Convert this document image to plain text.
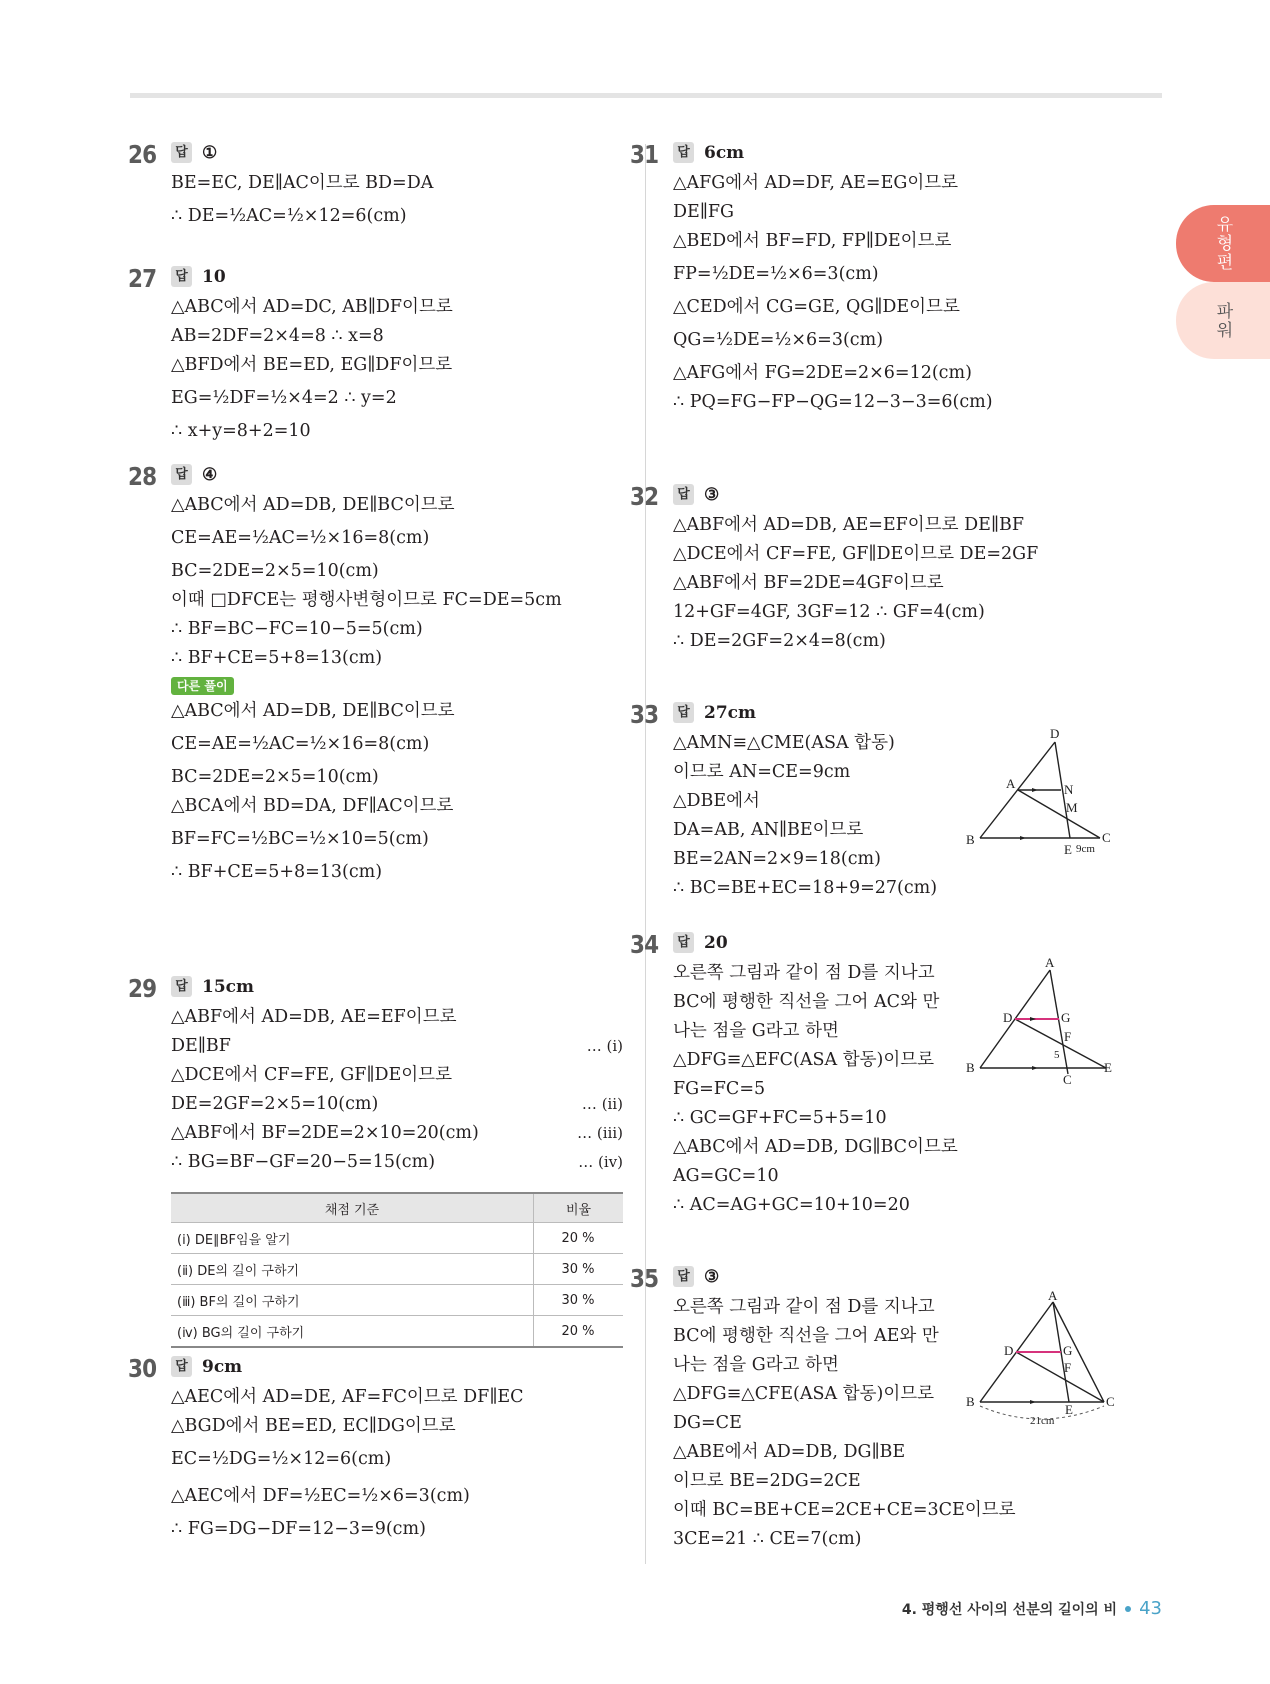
26	답 ①
BE=EC, DE∥AC이므로 BD=DA
∴ DE=½AC=½×12=6(cm)
27	답 10
△ABC에서 AD=DC, AB∥DF이므로
AB=2DF=2×4=8 ∴ x=8
△BFD에서 BE=ED, EG∥DF이므로
EG=½DF=½×4=2 ∴ y=2
∴ x+y=8+2=10
28	답 ④
△ABC에서 AD=DB, DE∥BC이므로
CE=AE=½AC=½×16=8(cm)
BC=2DE=2×5=10(cm)
이때 □DFCE는 평행사변형이므로 FC=DE=5cm
∴ BF=BC−FC=10−5=5(cm)
∴ BF+CE=5+8=13(cm)
다른 풀이
△ABC에서 AD=DB, DE∥BC이므로
CE=AE=½AC=½×16=8(cm)
BC=2DE=2×5=10(cm)
△BCA에서 BD=DA, DF∥AC이므로
BF=FC=½BC=½×10=5(cm)
∴ BF+CE=5+8=13(cm)
29	답 15cm
△ABF에서 AD=DB, AE=EF이므로
DE∥BF	… (ⅰ)
△DCE에서 CF=FE, GF∥DE이므로
DE=2GF=2×5=10(cm)	… (ⅱ)
△ABF에서 BF=2DE=2×10=20(cm)	… (ⅲ)
∴ BG=BF−GF=20−5=15(cm)	… (ⅳ)
채점 기준	비율
(ⅰ) DE∥BF임을 알기	20 %
(ⅱ) DE의 길이 구하기	30 %
(ⅲ) BF의 길이 구하기	30 %
(ⅳ) BG의 길이 구하기	20 %
30	답 9cm
△AEC에서 AD=DE, AF=FC이므로 DF∥EC
△BGD에서 BE=ED, EC∥DG이므로
EC=½DG=½×12=6(cm)
△AEC에서 DF=½EC=½×6=3(cm)
∴ FG=DG−DF=12−3=9(cm)
31	답 6cm
△AFG에서 AD=DF, AE=EG이므로
DE∥FG
△BED에서 BF=FD, FP∥DE이므로
FP=½DE=½×6=3(cm)
△CED에서 CG=GE, QG∥DE이므로
QG=½DE=½×6=3(cm)
△AFG에서 FG=2DE=2×6=12(cm)
∴ PQ=FG−FP−QG=12−3−3=6(cm)
32	답 ③
△ABF에서 AD=DB, AE=EF이므로 DE∥BF
△DCE에서 CF=FE, GF∥DE이므로 DE=2GF
△ABF에서 BF=2DE=4GF이므로
12+GF=4GF, 3GF=12 ∴ GF=4(cm)
∴ DE=2GF=2×4=8(cm)
33	답 27cm
△AMN≡△CME(ASA 합동)
이므로 AN=CE=9cm
△DBE에서
DA=AB, AN∥BE이므로
BE=2AN=2×9=18(cm)
∴ BC=BE+EC=18+9=27(cm)
D
A	N
M
B
E
C
9cm
34	답 20
오른쪽 그림과 같이 점 D를 지나고
BC에 평행한 직선을 그어 AC와 만
나는 점을 G라고 하면
△DFG≡△EFC(ASA 합동)이므로
FG=FC=5
∴ GC=GF+FC=5+5=10
△ABC에서 AD=DB, DG∥BC이므로
AG=GC=10
∴ AC=AG+GC=10+10=20
A
D	G
F
5
B
C
E
35	답 ③
오른쪽 그림과 같이 점 D를 지나고
BC에 평행한 직선을 그어 AE와 만
나는 점을 G라고 하면
△DFG≡△CFE(ASA 합동)이므로
DG=CE
△ABE에서 AD=DB, DG∥BE
이므로 BE=2DG=2CE
이때 BC=BE+CE=2CE+CE=3CE이므로
3CE=21 ∴ CE=7(cm)
A
D	G
F
B
E
C
21cm
유형편
파워
4. 평행선 사이의 선분의 길이의 비 43
